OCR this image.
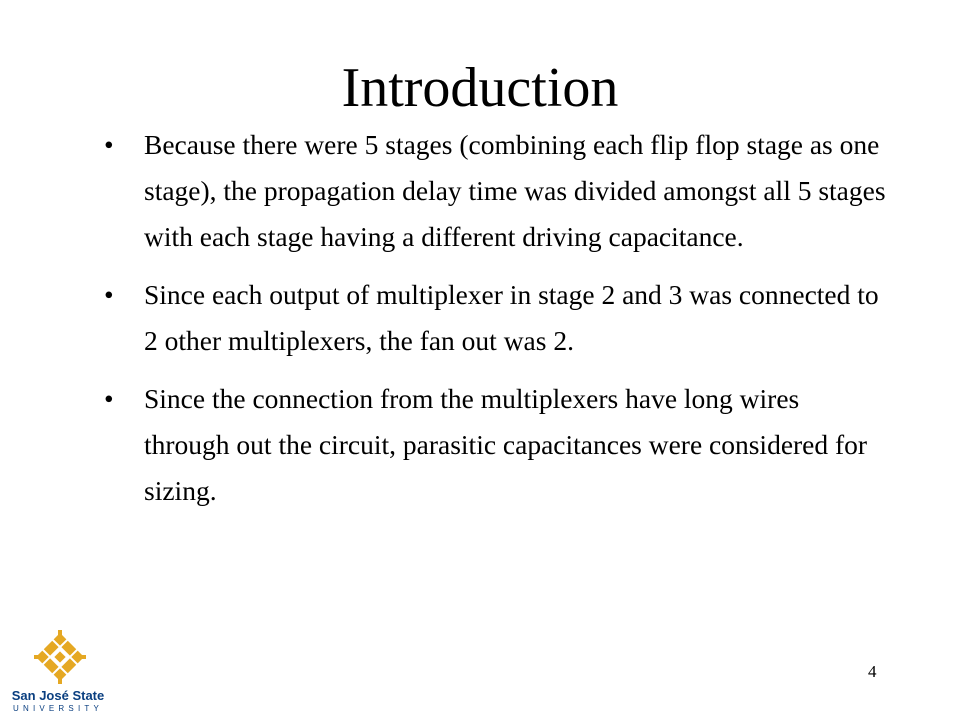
Introduction
•	Because there were 5 stages (combining each flip flop stage as one stage), the propagation delay time was divided amongst all 5 stages with each stage having a different driving capacitance.
•	Since each output of multiplexer in stage 2 and 3 was connected to 2 other multiplexers, the fan out was 2.
•	Since the connection from the multiplexers have long wires through out the circuit, parasitic capacitances were considered for sizing.
4
San José State
UNIVERSITY
